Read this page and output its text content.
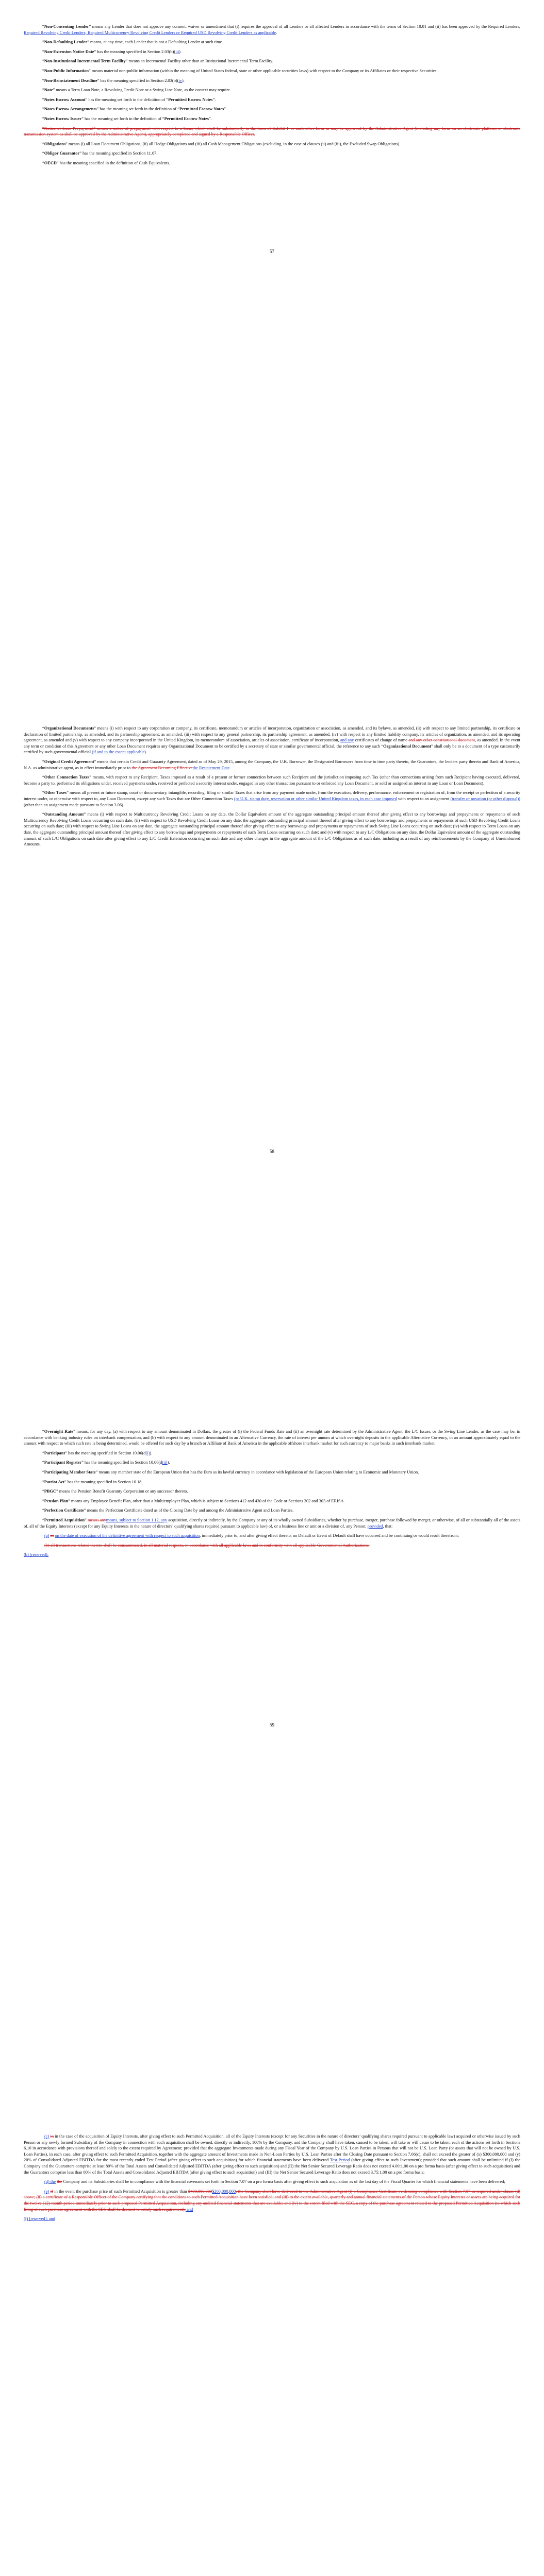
“Non-Consenting Lender” means any Lender that does not approve any consent, waiver or amendment that (i) requires the approval of all Lenders or all affected Lenders in accordance with the terms of Section 10.01 and (ii) has been approved by the Required Lenders, Required Revolving Credit Lenders, Required Multicurrency Revolving Credit Lenders or Required USD Revolving Credit Lenders as applicable.

“Non-Defaulting Lender” means, at any time, each Lender that is not a Defaulting Lender at such time.

“Non-Extension Notice Date” has the meaning specified in Section 2.03(b)(iii).

“Non-Institutional Incremental Term Facility” means an Incremental Facility other than an Institutional Incremental Term Facility.

“Non-Public Information” means material non-public information (within the meaning of United States federal, state or other applicable securities laws) with respect to the Company or its Affiliates or their respective Securities.

“Non-Reinstatement Deadline” has the meaning specified in Section 2.03(b)(iv).

“Note” means a Term Loan Note, a Revolving Credit Note or a Swing Line Note, as the context may require.

“Notes Escrow Account” has the meaning set forth in the definition of “Permitted Escrow Notes”.

“Notes Escrow Arrangements” has the meaning set forth in the definition of “Permitted Escrow Notes”.

“Notes Escrow Issuer” has the meaning set forth in the definition of “Permitted Escrow Notes”.

“Notice of Loan Prepayment” means a notice of prepayment with respect to a Loan, which shall be substantially in the form of Exhibit F or such other form as may be approved by the Administrative Agent (including any form on an electronic platform or electronic transmission system as shall be approved by the Administrative Agent), appropriately completed and signed by a Responsible Officer.

“Obligations” means (i) all Loan Document Obligations, (ii) all Hedge Obligations and (iii) all Cash Management Obligations (excluding, in the case of clauses (ii) and (iii), the Excluded Swap Obligations).

“Obligor Guarantor” has the meaning specified in Section 11.07.

“OECD” has the meaning specified in the definition of Cash Equivalents.

57

“Organizational Documents” means (i) with respect to any corporation or company, its certificate, memorandum or articles of incorporation, organization or association, as amended, and its bylaws, as amended, (ii) with respect to any limited partnership, its certificate or declaration of limited partnership, as amended, and its partnership agreement, as amended, (iii) with respect to any general partnership, its partnership agreement, as amended, (iv) with respect to any limited liability company, its articles of organization, as amended, and its operating agreement, as amended and (v) with respect to any company incorporated in the United Kingdom, its memorandum of association, articles of association, certificate of incorporation, and any certificates of change of name and any other constitutional document, as amended. In the event any term or condition of this Agreement or any other Loan Document requires any Organizational Document to be certified by a secretary of state or similar governmental official, the reference to any such “Organizational Document” shall only be to a document of a type customarily certified by such governmental official (if and to the extent applicable).

“Original Credit Agreement” means that certain Credit and Guaranty Agreement, dated as of May 29, 2015, among the Company, the U.K. Borrower, the Designated Borrowers from time to time party thereto, the Guarantors, the lenders party thereto and Bank of America, N.A. as administrative agent, as in effect immediately prior to the Agreement Becoming Effectivethe Restatement Date.

“Other Connection Taxes” means, with respect to any Recipient, Taxes imposed as a result of a present or former connection between such Recipient and the jurisdiction imposing such Tax (other than connections arising from such Recipient having executed, delivered, become a party to, performed its obligations under, received payments under, received or perfected a security interest under, engaged in any other transaction pursuant to or enforced any Loan Document, or sold or assigned an interest in any Loan or Loan Document).

“Other Taxes” means all present or future stamp, court or documentary, intangible, recording, filing or similar Taxes that arise from any payment made under, from the execution, delivery, performance, enforcement or registration of, from the receipt or perfection of a security interest under, or otherwise with respect to, any Loan Document, except any such Taxes that are Other Connection Taxes (or U.K. stamp duty, reservation or other similar United Kingdom taxes, in each case imposed with respect to an assignment (transfer or novation (or other disposal)) (other than an assignment made pursuant to Section 3.06).

“Outstanding Amount” means (i) with respect to Multicurrency Revolving Credit Loans on any date, the Dollar Equivalent amount of the aggregate outstanding principal amount thereof after giving effect to any borrowings and prepayments or repayments of such Multicurrency Revolving Credit Loans occurring on such date; (ii) with respect to USD Revolving Credit Loans on any date, the aggregate outstanding principal amount thereof after giving effect to any borrowings and prepayments or repayments of such USD Revolving Credit Loans occurring on such date; (iii) with respect to Swing Line Loans on any date, the aggregate outstanding principal amount thereof after giving effect to any borrowings and prepayments or repayments of such Swing Line Loans occurring on such date; (iv) with respect to Term Loans on any date, the aggregate outstanding principal amount thereof after giving effect to any borrowings and prepayments or repayments of such Term Loans occurring on such date; and (v) with respect to any L/C Obligations on any date, the Dollar Equivalent amount of the aggregate outstanding amount of such L/C Obligations on such date after giving effect to any L/C Credit Extension occurring on such date and any other changes in the aggregate amount of the L/C Obligations as of such date, including as a result of any reimbursements by the Company of Unreimbursed Amounts.

58

“Overnight Rate” means, for any day, (a) with respect to any amount denominated in Dollars, the greater of (i) the Federal Funds Rate and (ii) an overnight rate determined by the Administrative Agent, the L/C Issuer, or the Swing Line Lender, as the case may be, in accordance with banking industry rules on interbank compensation, and (b) with respect to any amount denominated in an Alternative Currency, the rate of interest per annum at which overnight deposits in the applicable Alternative Currency, in an amount approximately equal to the amount with respect to which such rate is being determined, would be offered for such day by a branch or Affiliate of Bank of America in the applicable offshore interbank market for such currency to major banks in such interbank market.

“Participant” has the meaning specified in Section 10.06(d(i)).

“Participant Register” has the meaning specified in Section 10.06(d(ii)).

“Participating Member State” means any member state of the European Union that has the Euro as its lawful currency in accordance with legislation of the European Union relating to Economic and Monetary Union.

“Patriot Act” has the meaning specified in Section 10.18.

“PBGC” means the Pension Benefit Guaranty Corporation or any successor thereto.

“Pension Plan” means any Employee Benefit Plan, other than a Multiemployer Plan, which is subject to Sections 412 and 430 of the Code or Sections 302 and 303 of ERISA.

“Perfection Certificate” means the Perfection Certificate dated as of the Closing Date by and among the Administrative Agent and Loan Parties.

“Permitted Acquisition” means anymeans, subject to Section 1.12, any acquisition, directly or indirectly, by the Company or any of its wholly owned Subsidiaries, whether by purchase, merger, purchase followed by merger, or otherwise, of all or substantially all of the assets of, all of the Equity Interests (except for any Equity Interests in the nature of directors’ qualifying shares required pursuant to applicable law) of, or a business line or unit or a division of, any Person; provided, that:

(a) as on the date of execution of the definitive agreement with respect to such acquisition, immediately prior to, and after giving effect thereto, no Default or Event of Default shall have occurred and be continuing or would result therefrom;

(b) all transactions related thereto shall be consummated, in all material respects, in accordance with all applicable laws and in conformity with all applicable Governmental Authorizations;

(b) [reserved];

59

(c) in in the case of the acquisition of Equity Interests, after giving effect to such Permitted Acquisition, all of the Equity Interests (except for any Securities in the nature of directors’ qualifying shares required pursuant to applicable law) acquired or otherwise issued by such Person or any newly formed Subsidiary of the Company in connection with such acquisition shall be owned, directly or indirectly, 100% by the Company, and the Company shall have taken, caused to be taken, will take or will cause to be taken, each of the actions set forth in Sections 6.10 in accordance with provisions thereof and solely to the extent required by Agreement; provided that the aggregate Investments made during any Fiscal Year of the Company by U.S. Loan Parties in Persons that will not be U.S. Loan Party (or assets that will not be owned by U.S. Loan Parties), in each case, after giving effect to such Permitted Acquisition, together with the aggregate amount of Investments made in Non-Loan Parties by U.S. Loan Parties after the Closing Date pursuant to Section 7.06(c), shall not exceed the greater of (x) $300,000,000 and (y) 20% of Consolidated Adjusted EBITDA for the most recently ended Test Period (after giving effect to such acquisition) for which financial statements have been delivered Test Period (after giving effect to such Investment); provided that such amount shall be unlimited if (I) the Company and the Guarantors comprise at least 80% of the Total Assets and Consolidated Adjusted EBITDA (after giving effect to such acquisition) and (II) the Net Senior Secured Leverage Ratio does not exceed 4.00:1.00 on a pro forma basis (after giving effect to such acquisition) and the Guarantors comprise less than 80% of the Total Assets and Consolidated Adjusted EBITDA (after giving effect to such acquisition) and (III) the Net Senior Secured Leverage Ratio does not exceed 3.75:1.00 on a pro forma basis;

(d) the the Company and its Subsidiaries shall be in compliance with the financial covenants set forth in Section 7.07 on a pro forma basis after giving effect to such acquisition as of the last day of the Fiscal Quarter for which financial statements have been delivered;

(e) if in the event the purchase price of such Permitted Acquisition is greater than $400,000,000$200,000,000, the Company shall have delivered to the Administrative Agent (i) a Compliance Certificate evidencing compliance with Section 7.07 as required under clause (d) above; (ii) a certificate of a Responsible Officer of the Company certifying that the conditions to such Permitted Acquisition have been satisfied; and (iii) to the extent available, quarterly and annual financial statements of the Person whose Equity Interests or assets are being acquired for the twelve (12)-month period immediately prior to such proposed Permitted Acquisition, including any audited financial statements that are available; and (iv) to the extent filed with the SEC, a copy of the purchase agreement related to the proposed Permitted Acquisition (to which such filing of such purchase agreement with the SEC shall be deemed to satisfy such requirement); and

(f) [reserved]; and
